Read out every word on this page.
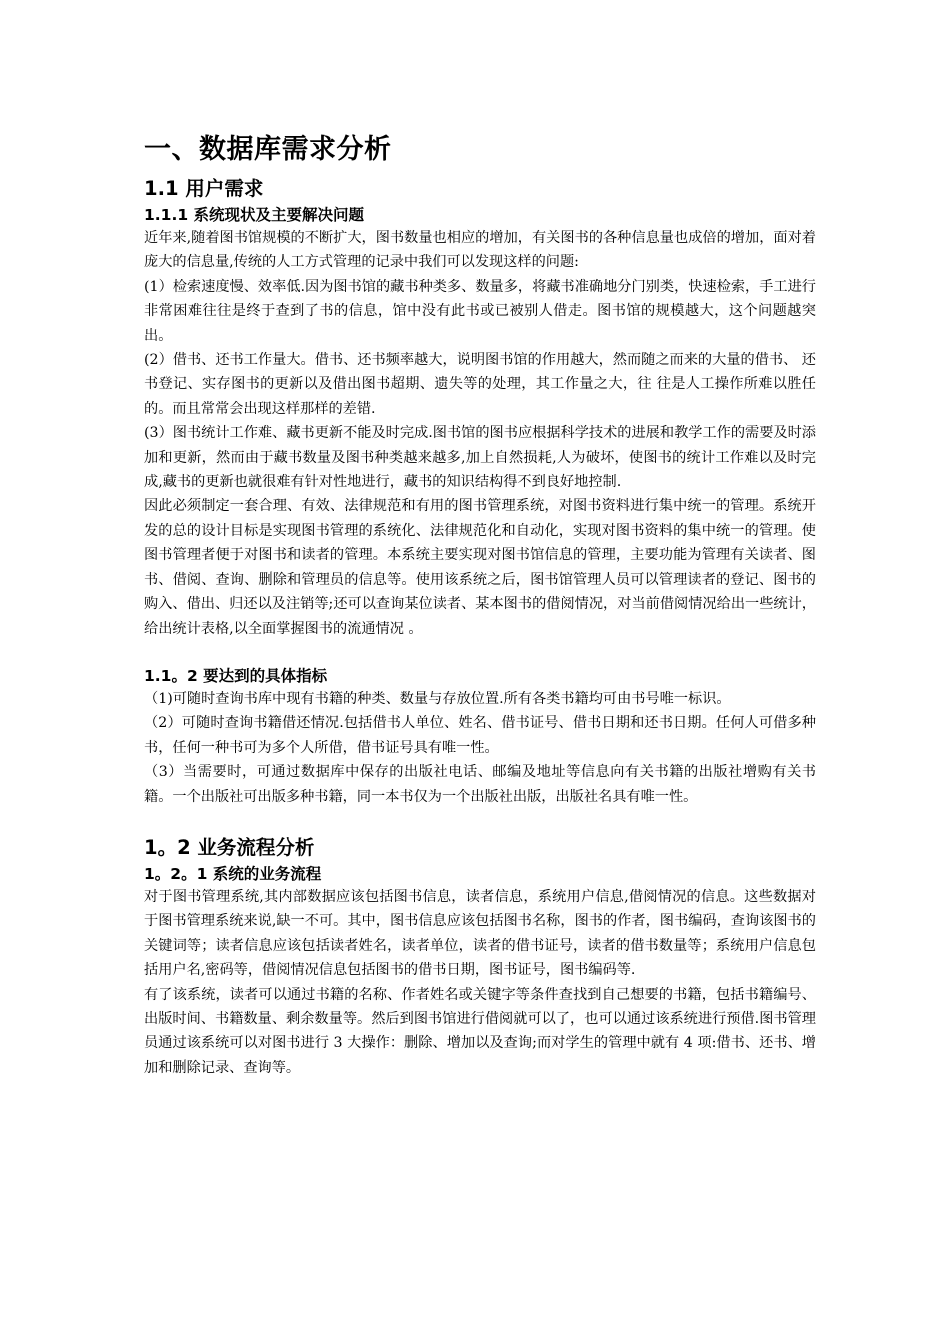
一、数据库需求分析
1.1 用户需求
1.1.1 系统现状及主要解决问题

近年来,随着图书馆规模的不断扩大，图书数量也相应的增加，有关图书的各种信息量也成倍的增加，面对着庞大的信息量,传统的人工方式管理的记录中我们可以发现这样的问题:

(1）检索速度慢、效率低.因为图书馆的藏书种类多、数量多，将藏书准确地分门别类，快速检索，手工进行非常困难往往是终于查到了书的信息，馆中没有此书或已被别人借走。图书馆的规模越大，这个问题越突出。

(2）借书、还书工作量大。借书、还书频率越大，说明图书馆的作用越大，然而随之而来的大量的借书、 还书登记、实存图书的更新以及借出图书超期、遗失等的处理，其工作量之大，往 往是人工操作所难以胜任的。而且常常会出现这样那样的差错.

(3）图书统计工作难、藏书更新不能及时完成.图书馆的图书应根据科学技术的进展和教学工作的需要及时添加和更新，然而由于藏书数量及图书种类越来越多,加上自然损耗,人为破坏，使图书的统计工作难以及时完成,藏书的更新也就很难有针对性地进行，藏书的知识结构得不到良好地控制.

因此必须制定一套合理、有效、法律规范和有用的图书管理系统，对图书资料进行集中统一的管理。系统开发的总的设计目标是实现图书管理的系统化、法律规范化和自动化，实现对图书资料的集中统一的管理。使图书管理者便于对图书和读者的管理。本系统主要实现对图书馆信息的管理，主要功能为管理有关读者、图书、借阅、查询、删除和管理员的信息等。使用该系统之后，图书馆管理人员可以管理读者的登记、图书的购入、借出、归还以及注销等;还可以查询某位读者、某本图书的借阅情况，对当前借阅情况给出一些统计，给出统计表格,以全面掌握图书的流通情况 。

1.1。2 要达到的具体指标

（1)可随时查询书库中现有书籍的种类、数量与存放位置.所有各类书籍均可由书号唯一标识。

（2）可随时查询书籍借还情况.包括借书人单位、姓名、借书证号、借书日期和还书日期。任何人可借多种书，任何一种书可为多个人所借，借书证号具有唯一性。

（3）当需要时，可通过数据库中保存的出版社电话、邮编及地址等信息向有关书籍的出版社增购有关书籍。一个出版社可出版多种书籍，同一本书仅为一个出版社出版，出版社名具有唯一性。

1。2 业务流程分析
1。2。1 系统的业务流程

对于图书管理系统,其内部数据应该包括图书信息，读者信息，系统用户信息,借阅情况的信息。这些数据对于图书管理系统来说,缺一不可。其中，图书信息应该包括图书名称，图书的作者，图书编码，查询该图书的关键词等；读者信息应该包括读者姓名，读者单位，读者的借书证号，读者的借书数量等；系统用户信息包括用户名,密码等，借阅情况信息包括图书的借书日期，图书证号，图书编码等.

有了该系统，读者可以通过书籍的名称、作者姓名或关键字等条件查找到自己想要的书籍，包括书籍编号、出版时间、书籍数量、剩余数量等。然后到图书馆进行借阅就可以了，也可以通过该系统进行预借.图书管理员通过该系统可以对图书进行 3 大操作：删除、增加以及查询;而对学生的管理中就有 4 项:借书、还书、增加和删除记录、查询等。
